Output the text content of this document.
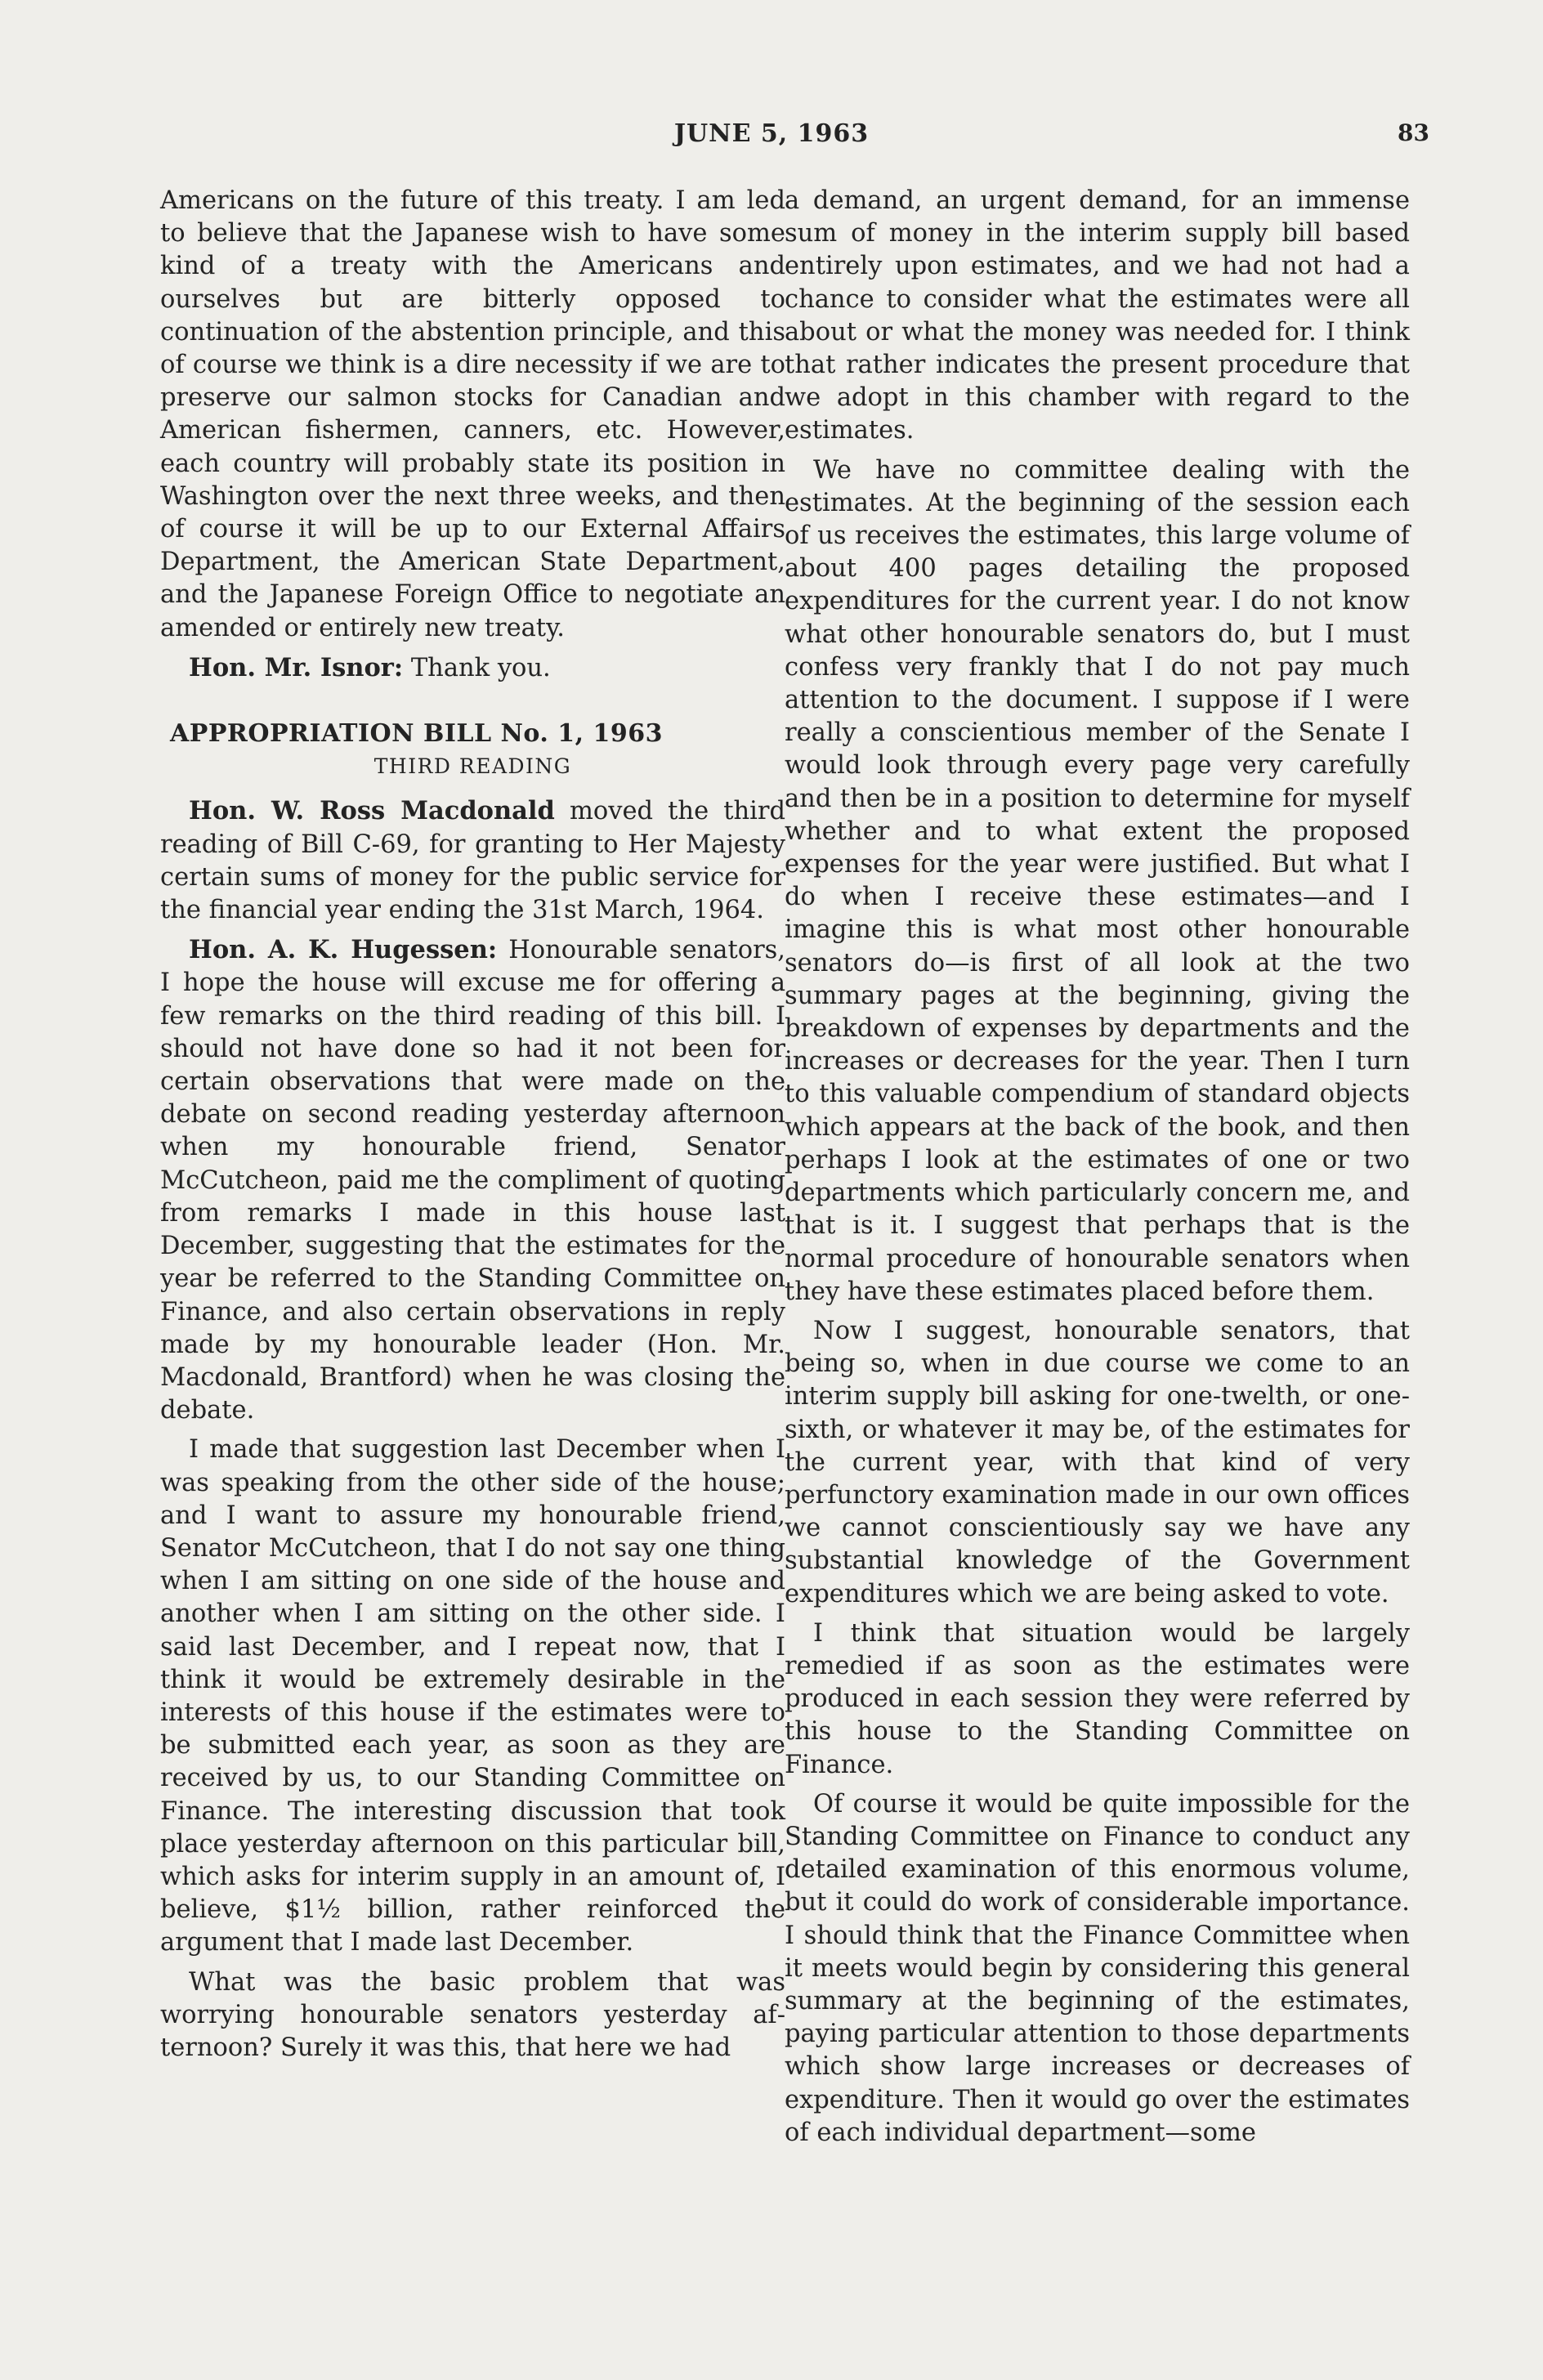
JUNE 5, 1963	83

Americans on the future of this treaty. I am led to believe that the Japanese wish to have some kind of a treaty with the Americans and ourselves but are bitterly opposed to continuation of the abstention principle, and this of course we think is a dire necessity if we are to preserve our salmon stocks for Canadian and American fishermen, canners, etc. However, each country will probably state its position in Washington over the next three weeks, and then of course it will be up to our External Affairs Department, the American State Department, and the Japanese Foreign Office to negotiate an amended or entirely new treaty.

Hon. Mr. Isnor: Thank you.

APPROPRIATION BILL No. 1, 1963
THIRD READING

Hon. W. Ross Macdonald moved the third reading of Bill C-69, for granting to Her Majesty certain sums of money for the public service for the financial year ending the 31st March, 1964.

Hon. A. K. Hugessen: Honourable senators, I hope the house will excuse me for offering a few remarks on the third reading of this bill. I should not have done so had it not been for certain observations that were made on the debate on second reading yesterday afternoon when my honourable friend, Senator McCutcheon, paid me the compliment of quoting from remarks I made in this house last December, suggesting that the estimates for the year be referred to the Standing Committee on Finance, and also certain observations in reply made by my honourable leader (Hon. Mr. Macdonald, Brantford) when he was closing the debate.

I made that suggestion last December when I was speaking from the other side of the house; and I want to assure my honourable friend, Senator McCutcheon, that I do not say one thing when I am sitting on one side of the house and another when I am sitting on the other side. I said last December, and I repeat now, that I think it would be extremely desirable in the interests of this house if the estimates were to be submitted each year, as soon as they are received by us, to our Standing Committee on Finance. The interesting discussion that took place yesterday afternoon on this particular bill, which asks for interim supply in an amount of, I believe, $1½ billion, rather reinforced the argument that I made last December.

What was the basic problem that was worrying honourable senators yesterday afternoon? Surely it was this, that here we had

a demand, an urgent demand, for an immense sum of money in the interim supply bill based entirely upon estimates, and we had not had a chance to consider what the estimates were all about or what the money was needed for. I think that rather indicates the present procedure that we adopt in this chamber with regard to the estimates.

We have no committee dealing with the estimates. At the beginning of the session each of us receives the estimates, this large volume of about 400 pages detailing the proposed expenditures for the current year. I do not know what other honourable senators do, but I must confess very frankly that I do not pay much attention to the document. I suppose if I were really a conscientious member of the Senate I would look through every page very carefully and then be in a position to determine for myself whether and to what extent the proposed expenses for the year were justified. But what I do when I receive these estimates—and I imagine this is what most other honourable senators do—is first of all look at the two summary pages at the beginning, giving the breakdown of expenses by departments and the increases or decreases for the year. Then I turn to this valuable compendium of standard objects which appears at the back of the book, and then perhaps I look at the estimates of one or two departments which particularly concern me, and that is it. I suggest that perhaps that is the normal procedure of honourable senators when they have these estimates placed before them.

Now I suggest, honourable senators, that being so, when in due course we come to an interim supply bill asking for one-twelth, or one-sixth, or whatever it may be, of the estimates for the current year, with that kind of very perfunctory examination made in our own offices we cannot conscientiously say we have any substantial knowledge of the Government expenditures which we are being asked to vote.

I think that situation would be largely remedied if as soon as the estimates were produced in each session they were referred by this house to the Standing Committee on Finance.

Of course it would be quite impossible for the Standing Committee on Finance to conduct any detailed examination of this enormous volume, but it could do work of considerable importance. I should think that the Finance Committee when it meets would begin by considering this general summary at the beginning of the estimates, paying particular attention to those departments which show large increases or decreases of expenditure. Then it would go over the estimates of each individual department—some
